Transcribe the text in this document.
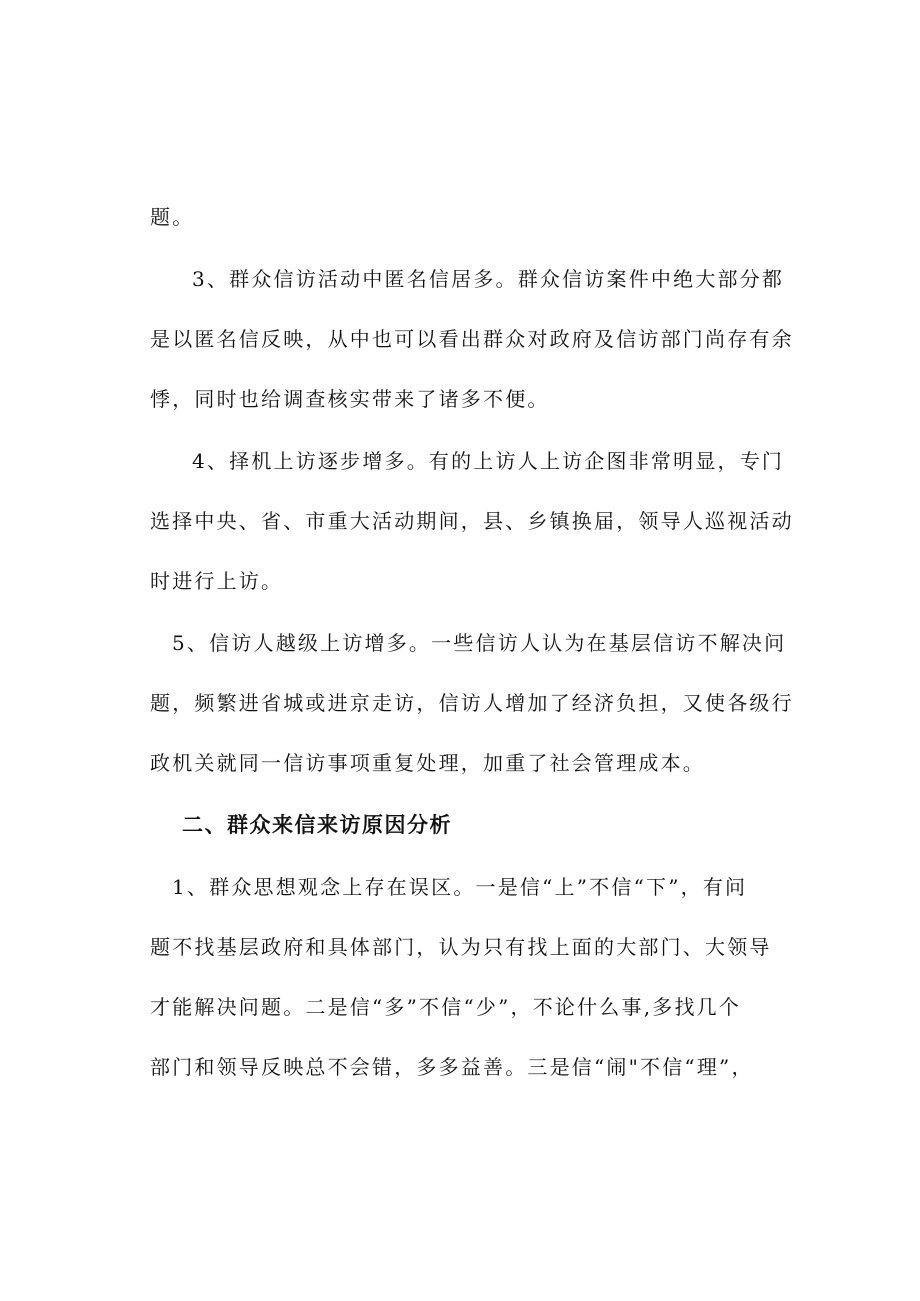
题。
3、群众信访活动中匿名信居多。群众信访案件中绝大部分都
是以匿名信反映，从中也可以看出群众对政府及信访部门尚存有余
悸，同时也给调查核实带来了诸多不便。
4、择机上访逐步增多。有的上访人上访企图非常明显，专门
选择中央、省、市重大活动期间，县、乡镇换届，领导人巡视活动
时进行上访。
5、信访人越级上访增多。一些信访人认为在基层信访不解决问
题，频繁进省城或进京走访，信访人增加了经济负担，又使各级行
政机关就同一信访事项重复处理，加重了社会管理成本。
二、群众来信来访原因分析
1、群众思想观念上存在误区。一是信“上”不信“下”，有问
题不找基层政府和具体部门，认为只有找上面的大部门、大领导
才能解决问题。二是信“多”不信“少”，不论什么事,多找几个
部门和领导反映总不会错，多多益善。三是信“闹"不信“理”，
